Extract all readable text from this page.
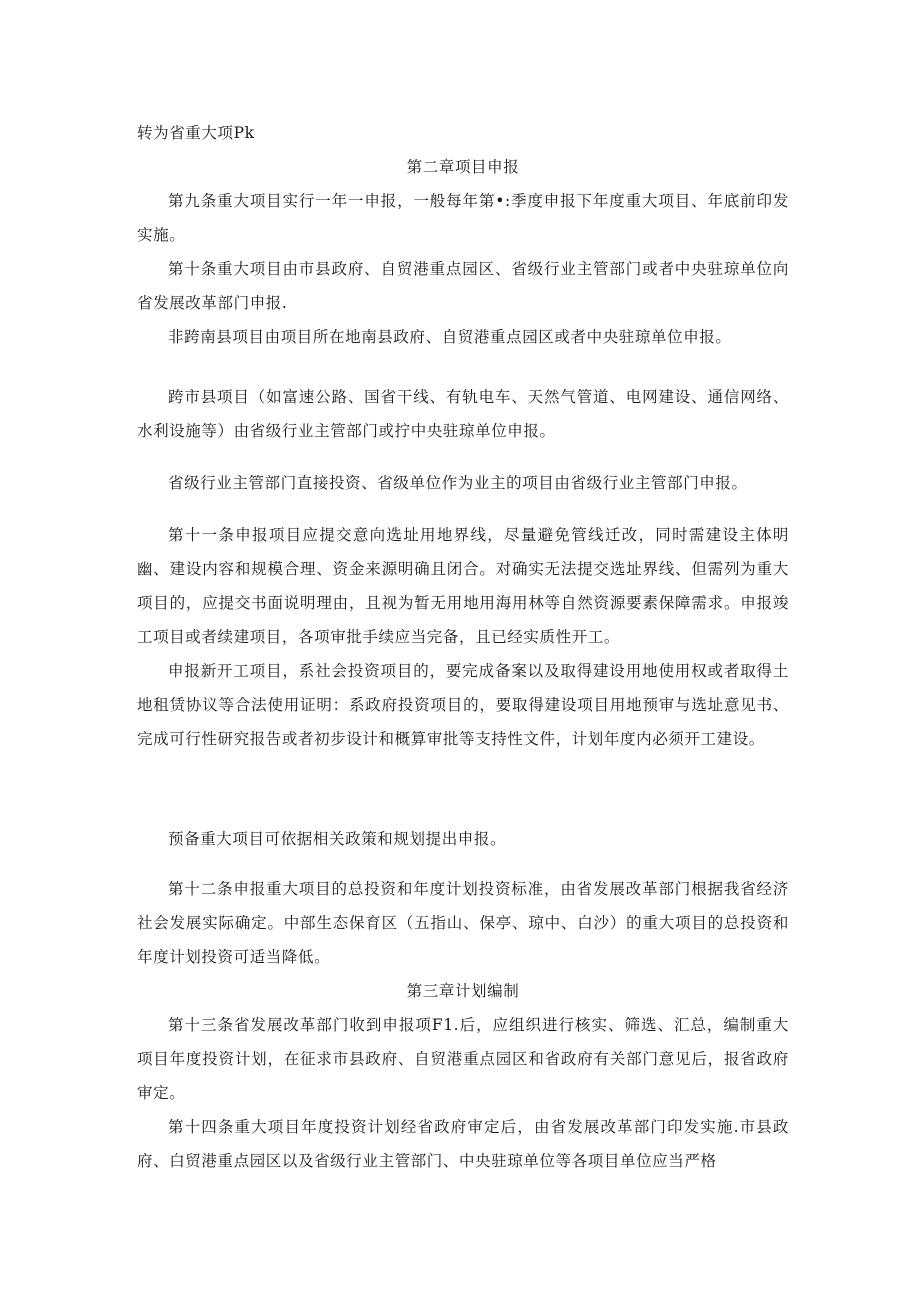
转为省重大项Pk

第二章项目申报

第九条重大项目实行一年一申报，一般每年第•:季度申报下年度重大项目、年底前印发实施。

第十条重大项目由市县政府、自贸港重点园区、省级行业主管部门或者中央驻琼单位向省发展改革部门申报.

非跨南县项目由项目所在地南县政府、自贸港重点园区或者中央驻琼单位申报。

跨市县项目（如富速公路、国省干线、有轨电车、天然气管道、电网建设、通信网络、水利设施等）由省级行业主管部门或拧中央驻琼单位申报。

省级行业主管部门直接投资、省级单位作为业主的项目由省级行业主管部门申报。

第十一条申报项目应提交意向选址用地界线，尽量避免管线迁改，同时需建设主体明幽、建设内容和规模合理、资金来源明确且闭合。对确实无法提交选址界线、但需列为重大项目的，应提交书面说明理由，且视为暂无用地用海用林等自然资源要素保障需求。申报竣工项目或者续建项目，各项审批手续应当完备，且已经实质性开工。

申报新开工项目，系社会投资项目的，要完成备案以及取得建设用地使用权或者取得土地租赁协议等合法使用证明：系政府投资项目的，要取得建设项目用地预审与选址意见书、完成可行性研究报告或者初步设计和概算审批等支持性文件，计划年度内必须开工建设。

预备重大项目可依据相关政策和规划提出申报。

第十二条申报重大项目的总投资和年度计划投资标准，由省发展改革部门根据我省经济社会发展实际确定。中部生态保育区（五指山、保亭、琼中、白沙）的重大项目的总投资和年度计划投资可适当降低。

第三章计划编制

第十三条省发展改革部门收到申报项F1.后，应组织进行核实、筛选、汇总，编制重大项目年度投资计划，在征求市县政府、自贸港重点园区和省政府有关部门意见后，报省政府审定。

第十四条重大项目年度投资计划经省政府审定后，由省发展改革部门印发实施.市县政府、白贸港重点园区以及省级行业主管部门、中央驻琼单位等各项目单位应当严格
